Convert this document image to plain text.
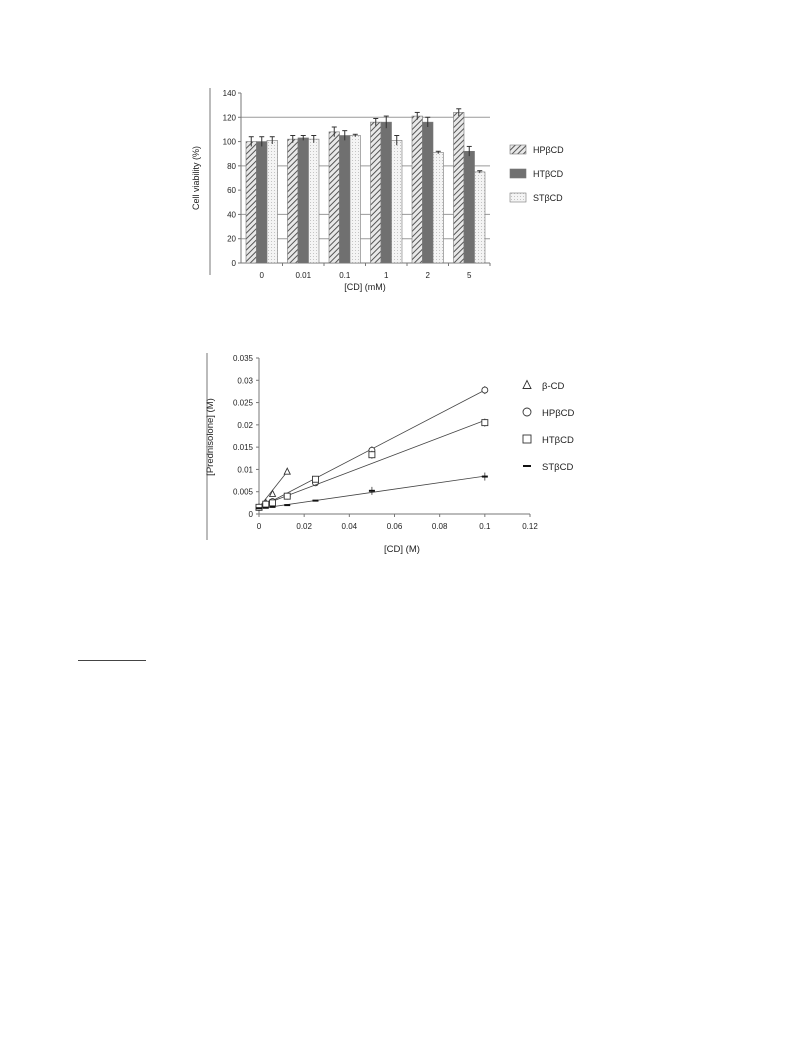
0
20
40
60
80
100
120
140
0	0.01	0.1	1	2	5
[CD] (mM)
Cell viability (%)	HPβCD
HTβCD
STβCD
0
0.005
0.01
0.015
0.02
0.025
0.03
0.035
0	0.02	0.04	0.06	0.08	0.1	0.12
[CD] (M)
[Prednisolone] (M)
β-CD
HPβCD
HTβCD
STβCD
